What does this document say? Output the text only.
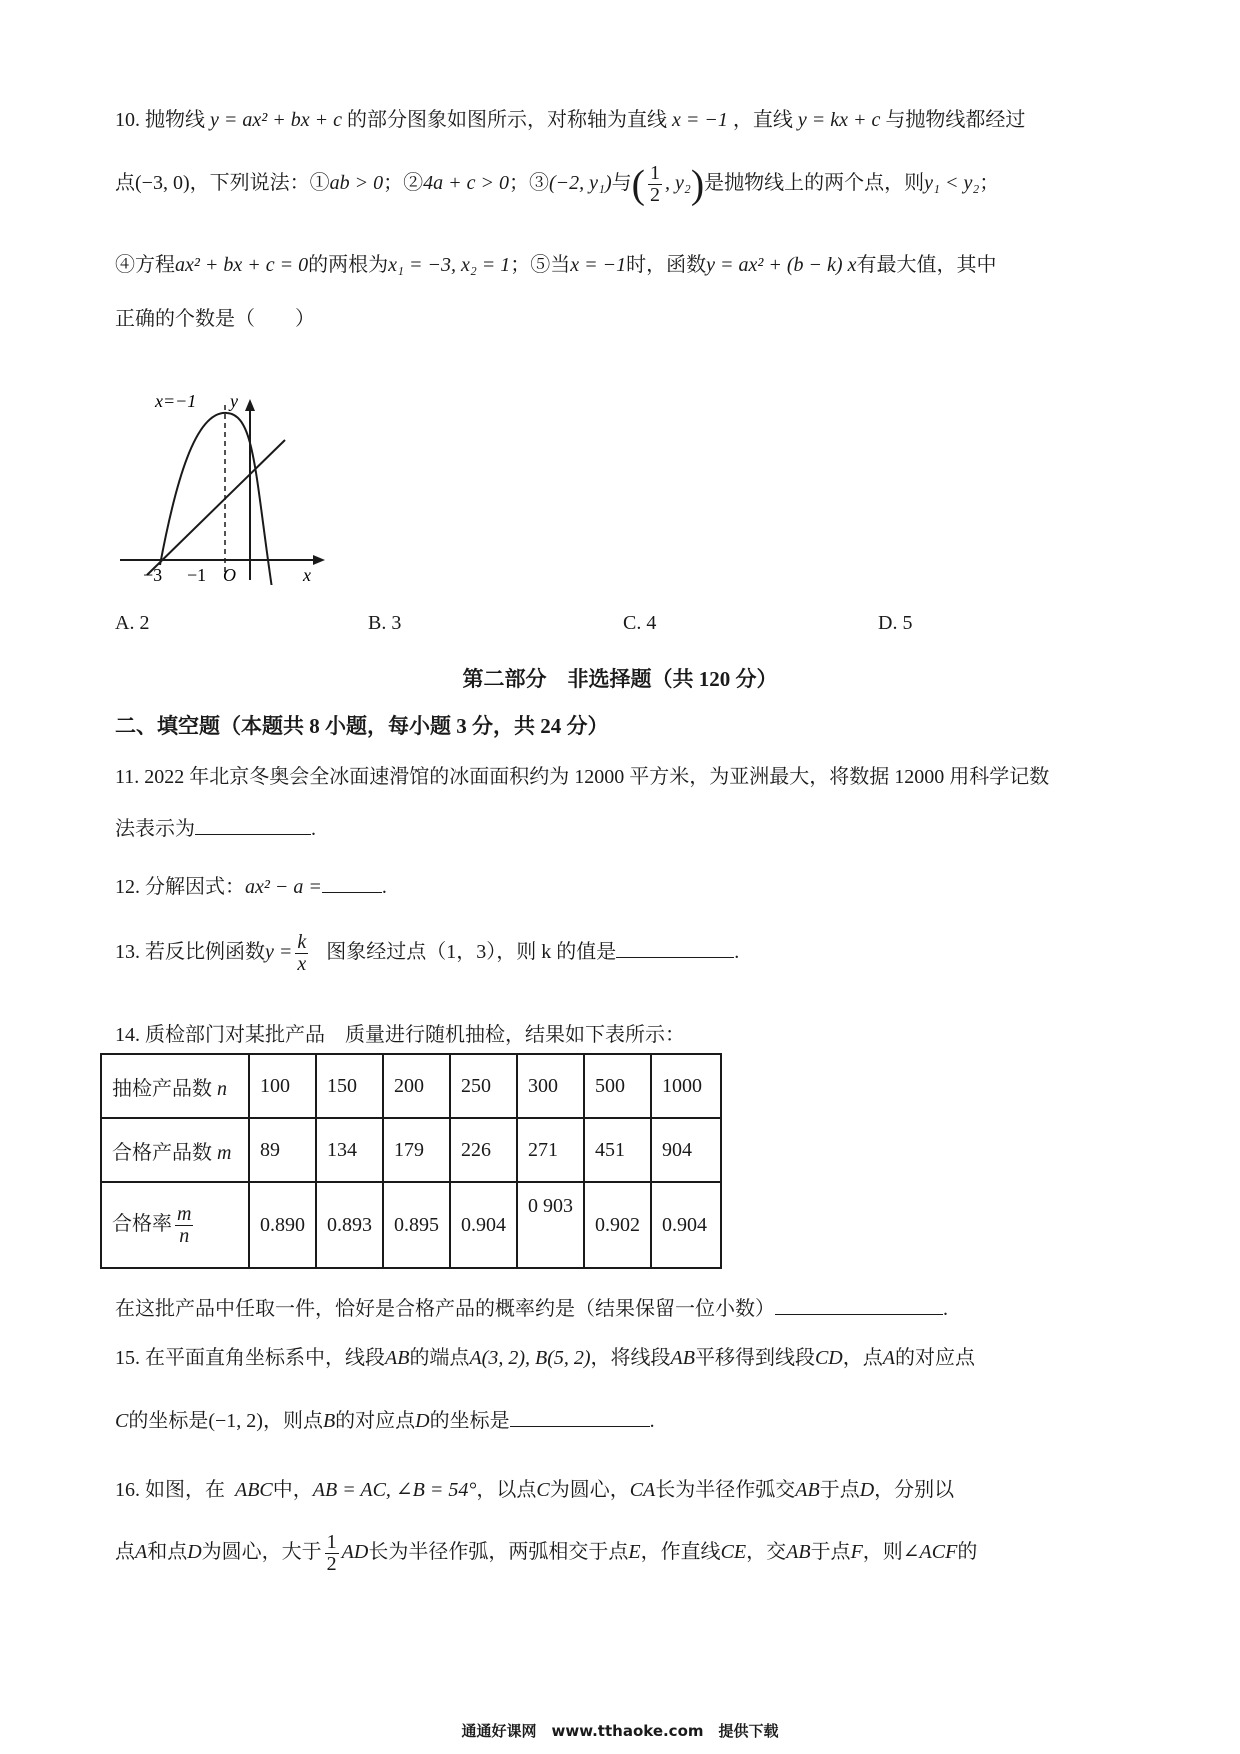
10. 抛物线 y = ax² + bx + c 的部分图象如图所示，对称轴为直线 x = −1 ，直线 y = kx + c 与抛物线都经过
点(−3, 0)，下列说法：①ab > 0；②4a + c > 0；③(−2, y₁)与( $\frac{1}{2}$ , y₂)是抛物线上的两个点，则y₁ < y₂；
④方程ax² + bx + c = 0的两根为x₁ = −3, x₂ = 1；⑤当x = −1时，函数y = ax² + (b − k) x有最大值，其中
正确的个数是（　　）
x=−1 y
x
O
−3 −1
A. 2	B. 3	C. 4	D. 5
第二部分　非选择题（共 120 分）
二、填空题（本题共 8 小题，每小题 3 分，共 24 分）
11. 2022 年北京冬奥会全冰面速滑馆的冰面面积约为 12000 平方米，为亚洲最大，将数据 12000 用科学记数
法表示为	.
12. 分解因式：ax² − a =	.
13. 若反比例函数$y = \frac{k}{x}$ 图象经过点（1，3），则 k 的值是	.
14. 质检部门对某批产品　质量进行随机抽检，结果如下表所示：
抽检产品数 n	100	150	200	250	300	500	1000
合格产品数 m	89	134	179	226	271	451	904
合格率 $\frac{m}{n}$	0.890	0.893	0.895	0.904	0 903	0.902	0.904
在这批产品中任取一件，恰好是合格产品的概率约是（结果保留一位小数）	.
15. 在平面直角坐标系中，线段AB的端点A(3, 2), B(5, 2)，将线段AB平移得到线段CD，点A的对应点
C的坐标是(−1, 2)，则点B的对应点D的坐标是	.
16. 如图，在 ABC中，AB = AC, ∠B = 54°，以点C为圆心，CA长为半径作弧交AB于点D，分别以
点A和点D为圆心，大于 $\frac{1}{2}$ AD长为半径作弧，两弧相交于点E，作直线CE，交AB于点F，则∠ACF的
通通好课网　www.tthaoke.com　提供下载
